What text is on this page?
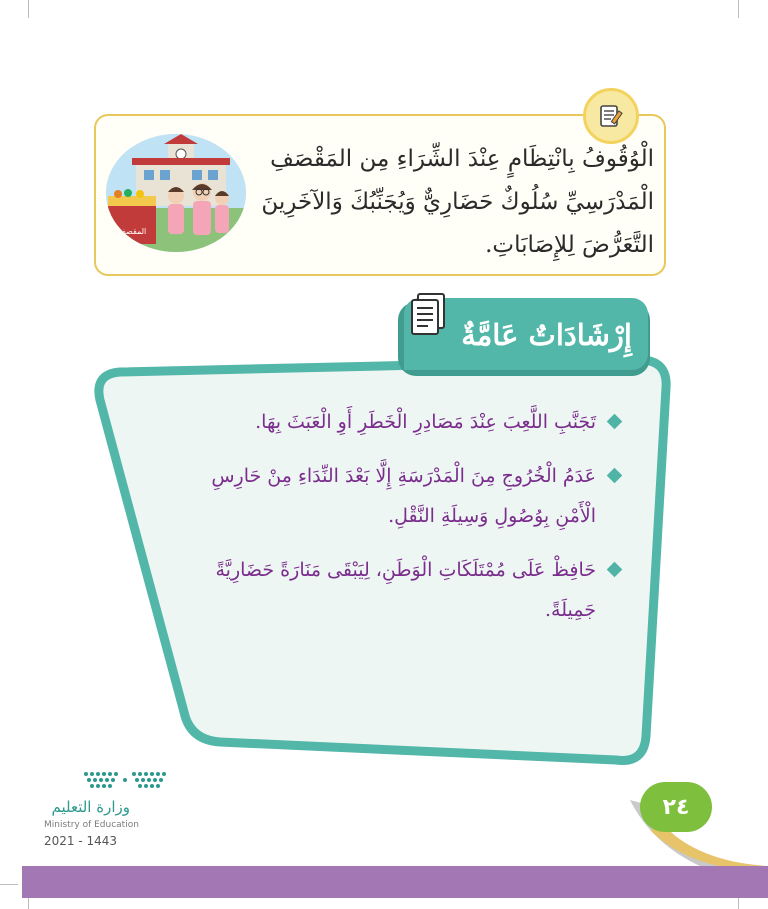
المقصف
الْوُقُوفُ بِانْتِظَامٍ عِنْدَ الشِّرَاءِ مِن المَقْصَفِ
الْمَدْرَسِيِّ سُلُوكٌ حَضَارِيٌّ وَيُجَنِّبُكَ وَالآخَرِينَ
التَّعَرُّضَ لِلإِصَابَاتِ.
إِرْشَادَاتٌ عَامَّةٌ
تَجَنَّبِ اللَّعِبَ عِنْدَ مَصَادِرِ الْخَطَرِ أَوِ الْعَبَثَ بِهَا.
عَدَمُ الْخُرُوجِ مِنَ الْمَدْرَسَةِ إِلَّا بَعْدَ النِّدَاءِ مِنْ حَارِسِ الْأَمْنِ بِوُصُولِ وَسِيلَةِ النَّقْلِ.
حَافِظْ عَلَى مُمْتَلَكَاتِ الْوَطَنِ، لِيَبْقَى مَنَارَةً حَضَارِيَّةً جَمِيلَةً.
٢٤
وزارة التعليم
Ministry of Education
2021 - 1443
